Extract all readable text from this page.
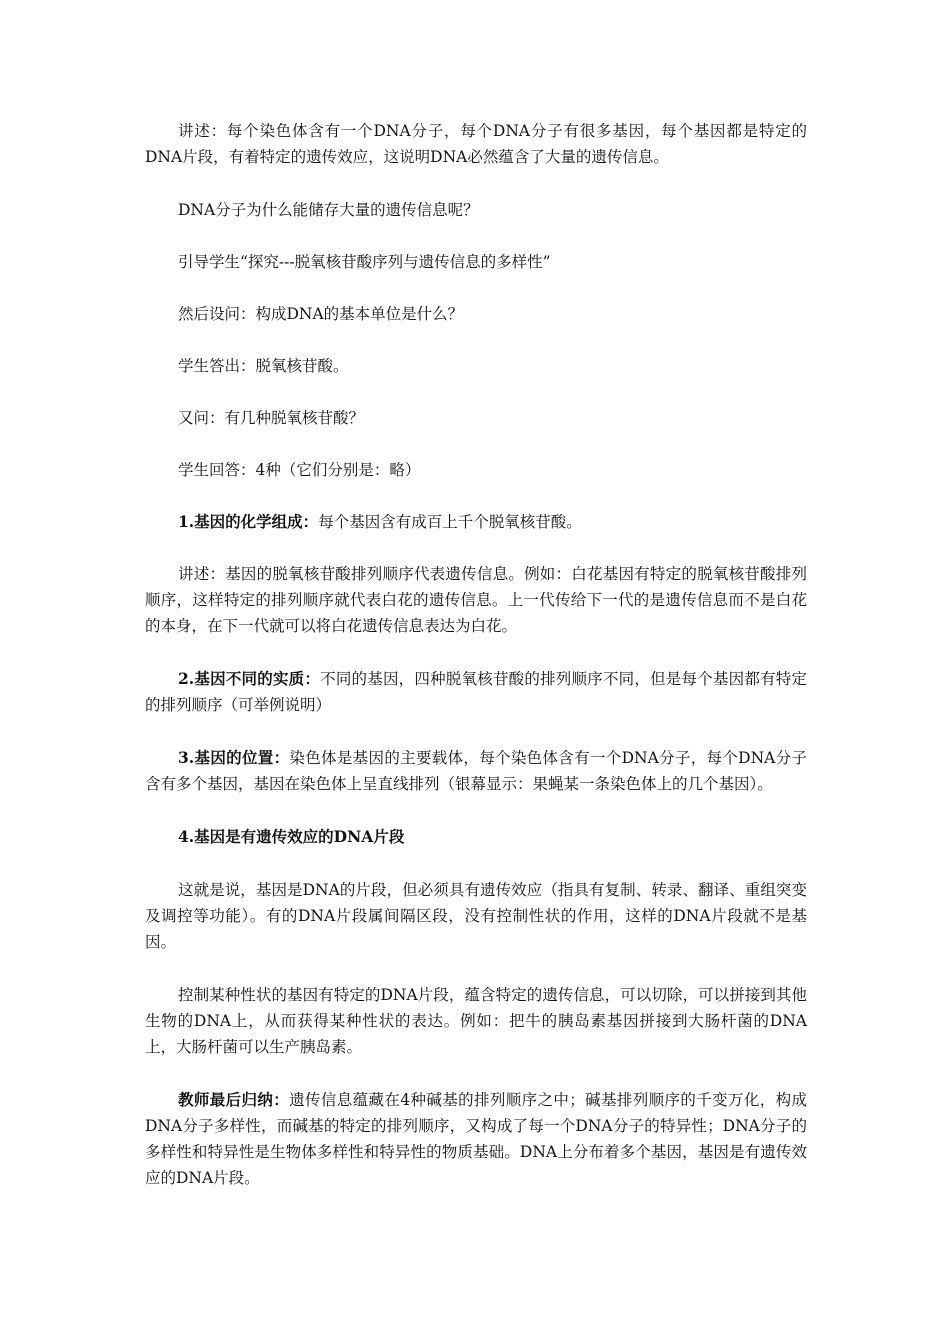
讲述：每个染色体含有一个DNA分子，每个DNA分子有很多基因，每个基因都是特定的DNA片段，有着特定的遗传效应，这说明DNA必然蕴含了大量的遗传信息。

DNA分子为什么能储存大量的遗传信息呢？

引导学生“探究---脱氧核苷酸序列与遗传信息的多样性”

然后设问：构成DNA的基本单位是什么？

学生答出：脱氧核苷酸。

又问：有几种脱氧核苷酸？

学生回答：4种（它们分别是：略）

1.基因的化学组成：每个基因含有成百上千个脱氧核苷酸。

讲述：基因的脱氧核苷酸排列顺序代表遗传信息。例如：白花基因有特定的脱氧核苷酸排列顺序，这样特定的排列顺序就代表白花的遗传信息。上一代传给下一代的是遗传信息而不是白花的本身，在下一代就可以将白花遗传信息表达为白花。

2.基因不同的实质：不同的基因，四种脱氧核苷酸的排列顺序不同，但是每个基因都有特定的排列顺序（可举例说明）

3.基因的位置：染色体是基因的主要载体，每个染色体含有一个DNA分子，每个DNA分子含有多个基因，基因在染色体上呈直线排列（银幕显示：果蝇某一条染色体上的几个基因）。

4.基因是有遗传效应的DNA片段

这就是说，基因是DNA的片段，但必须具有遗传效应（指具有复制、转录、翻译、重组突变及调控等功能）。有的DNA片段属间隔区段，没有控制性状的作用，这样的DNA片段就不是基因。

控制某种性状的基因有特定的DNA片段，蕴含特定的遗传信息，可以切除，可以拼接到其他生物的DNA上，从而获得某种性状的表达。例如：把牛的胰岛素基因拼接到大肠杆菌的DNA上，大肠杆菌可以生产胰岛素。

教师最后归纳：遗传信息蕴藏在4种碱基的排列顺序之中；碱基排列顺序的千变万化，构成DNA分子多样性，而碱基的特定的排列顺序，又构成了每一个DNA分子的特异性；DNA分子的多样性和特异性是生物体多样性和特异性的物质基础。DNA上分布着多个基因，基因是有遗传效应的DNA片段。
